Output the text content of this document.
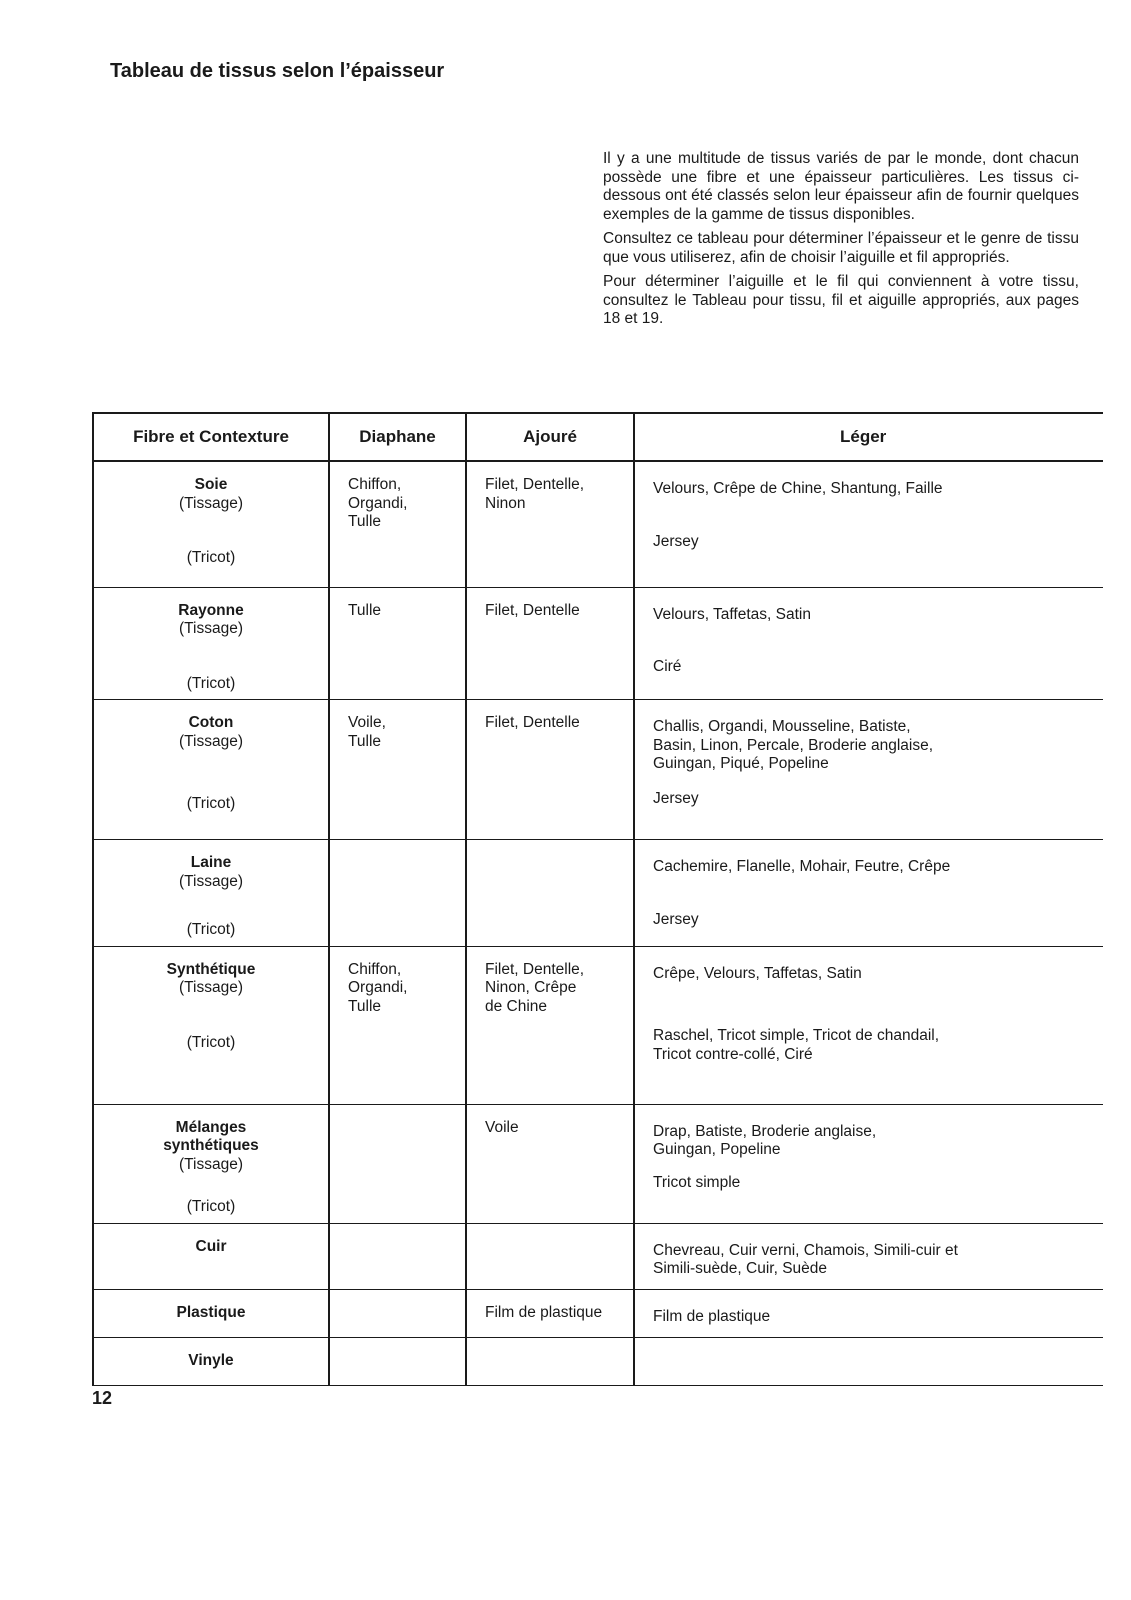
Tableau de tissus selon l’épaisseur

Il y a une multitude de tissus variés de par le monde, dont chacun possède une fibre et une épaisseur particulières. Les tissus ci-dessous ont été classés selon leur épaisseur afin de fournir quelques exemples de la gamme de tissus disponibles.

Consultez ce tableau pour déterminer l’épaisseur et le genre de tissu que vous utiliserez, afin de choisir l’aiguille et fil appropriés.

Pour déterminer l’aiguille et le fil qui conviennent à votre tissu, consultez le Tableau pour tissu, fil et aiguille appropriés, aux pages 18 et 19.

Fibre et Contexture	Diaphane	Ajouré	Léger

Soie
(Tissage)
(Tricot)	Chiffon,
Organdi,
Tulle	Filet, Dentelle,
Ninon	Velours, Crêpe de Chine, Shantung, Faille
Jersey

Rayonne
(Tissage)
(Tricot)	Tulle	Filet, Dentelle	Velours, Taffetas, Satin
Ciré

Coton
(Tissage)
(Tricot)	Voile,
Tulle	Filet, Dentelle	Challis, Organdi, Mousseline, Batiste,
Basin, Linon, Percale, Broderie anglaise,
Guingan, Piqué, Popeline
Jersey

Laine
(Tissage)
(Tricot)			Cachemire, Flanelle, Mohair, Feutre, Crêpe
Jersey

Synthétique
(Tissage)
(Tricot)	Chiffon,
Organdi,
Tulle	Filet, Dentelle,
Ninon, Crêpe
de Chine	Crêpe, Velours, Taffetas, Satin
Raschel, Tricot simple, Tricot de chandail,
Tricot contre-collé, Ciré

Mélanges
synthétiques
(Tissage)
(Tricot)		Voile	Drap, Batiste, Broderie anglaise,
Guingan, Popeline
Tricot simple

Cuir			Chevreau, Cuir verni, Chamois, Simili-cuir et
Simili-suède, Cuir, Suède

Plastique		Film de plastique	Film de plastique

Vinyle			

12
